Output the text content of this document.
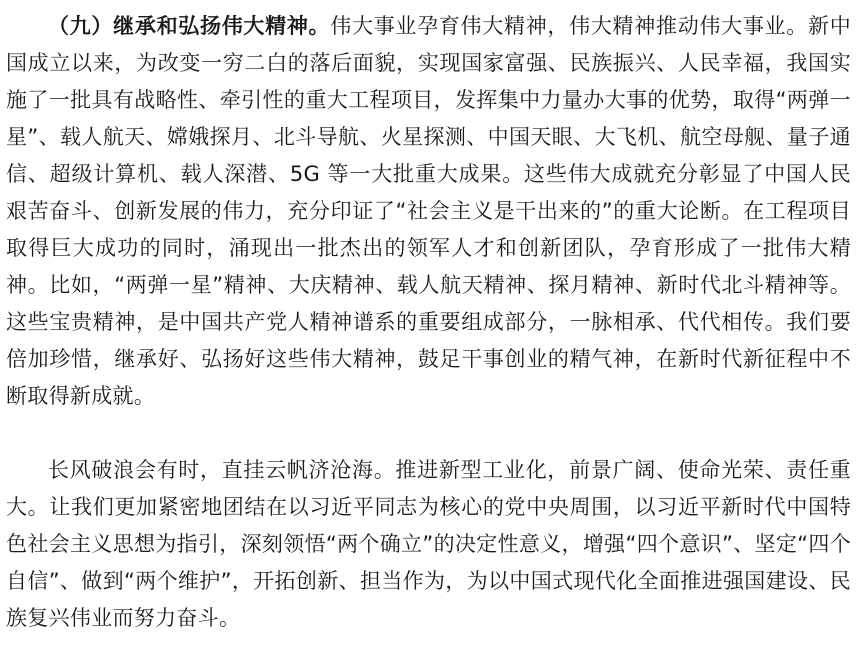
（九）继承和弘扬伟大精神。伟大事业孕育伟大精神，伟大精神推动伟大事业。新中国成立以来，为改变一穷二白的落后面貌，实现国家富强、民族振兴、人民幸福，我国实施了一批具有战略性、牵引性的重大工程项目，发挥集中力量办大事的优势，取得“两弹一星”、载人航天、嫦娥探月、北斗导航、火星探测、中国天眼、大飞机、航空母舰、量子通信、超级计算机、载人深潜、5G 等一大批重大成果。这些伟大成就充分彰显了中国人民艰苦奋斗、创新发展的伟力，充分印证了“社会主义是干出来的”的重大论断。在工程项目取得巨大成功的同时，涌现出一批杰出的领军人才和创新团队，孕育形成了一批伟大精神。比如，“两弹一星”精神、大庆精神、载人航天精神、探月精神、新时代北斗精神等。这些宝贵精神，是中国共产党人精神谱系的重要组成部分，一脉相承、代代相传。我们要倍加珍惜，继承好、弘扬好这些伟大精神，鼓足干事创业的精气神，在新时代新征程中不断取得新成就。

长风破浪会有时，直挂云帆济沧海。推进新型工业化，前景广阔、使命光荣、责任重大。让我们更加紧密地团结在以习近平同志为核心的党中央周围，以习近平新时代中国特色社会主义思想为指引，深刻领悟“两个确立”的决定性意义，增强“四个意识”、坚定“四个自信”、做到“两个维护”，开拓创新、担当作为，为以中国式现代化全面推进强国建设、民族复兴伟业而努力奋斗。
